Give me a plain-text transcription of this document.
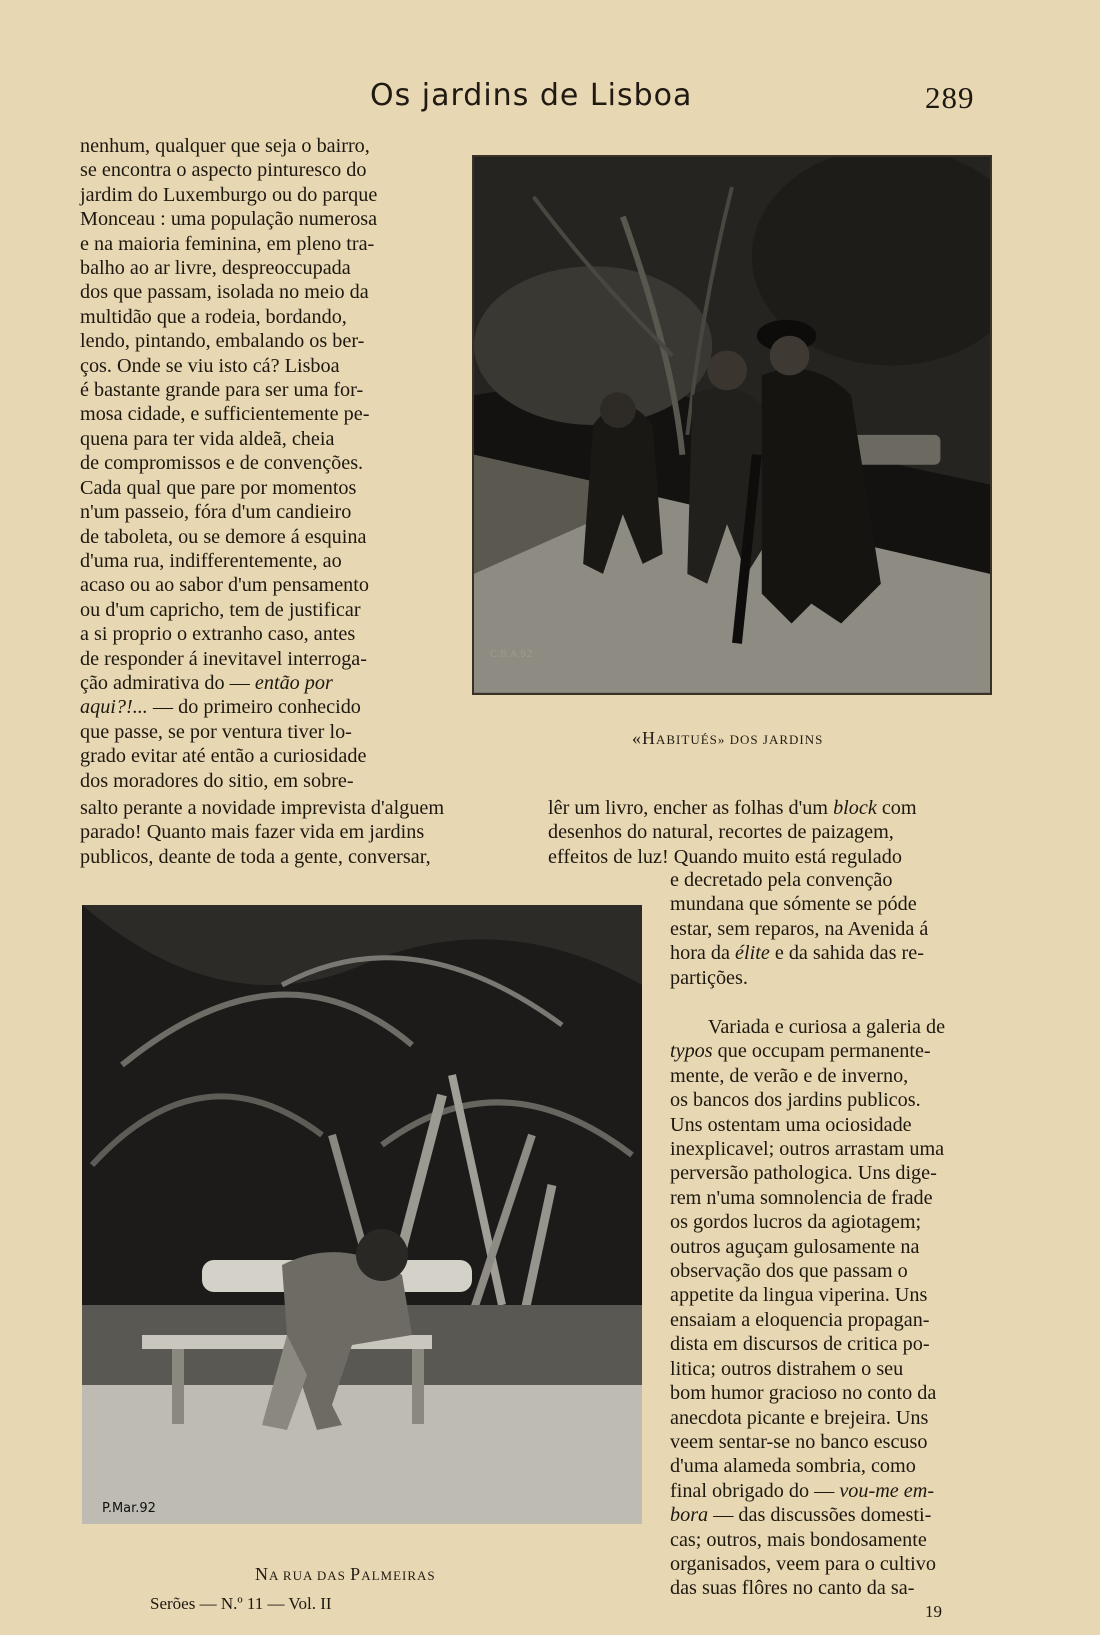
Os jardins de Lisboa	289

nenhum, qualquer que seja o bairro,

se encontra o aspecto pinturesco do

jardim do Luxemburgo ou do parque

Monceau : uma população numerosa

e na maioria feminina, em pleno tra-

balho ao ar livre, despreoccupada

dos que passam, isolada no meio da

multidão que a rodeia, bordando,

lendo, pintando, embalando os ber-

ços. Onde se viu isto cá? Lisboa

é bastante grande para ser uma for-

mosa cidade, e sufficientemente pe-

quena para ter vida aldeã, cheia

de compromissos e de convenções.

Cada qual que pare por momentos

n'um passeio, fóra d'um candieiro

de taboleta, ou se demore á esquina

d'uma rua, indifferentemente, ao

acaso ou ao sabor d'um pensamento

ou d'um capricho, tem de justificar

a si proprio o extranho caso, antes

de responder á inevitavel interroga-

ção admirativa do — então por

aqui?!... — do primeiro conhecido

que passe, se por ventura tiver lo-

grado evitar até então a curiosidade

dos moradores do sitio, em sobre-

C.B.A.92
«HABITUÉS» DOS JARDINS

salto perante a novidade imprevista d'alguem

parado! Quanto mais fazer vida em jardins

publicos, deante de toda a gente, conversar,

lêr um livro, encher as folhas d'um block com

desenhos do natural, recortes de paizagem,

effeitos de luz! Quando muito está regulado

P.Mar.92
NA RUA DAS PALMEIRAS

e decretado pela convenção

mundana que sómente se póde

estar, sem reparos, na Avenida á

hora da élite e da sahida das re-

partições.

Variada e curiosa a galeria de

typos que occupam permanente-

mente, de verão e de inverno,

os bancos dos jardins publicos.

Uns ostentam uma ociosidade

inexplicavel; outros arrastam uma

perversão pathologica. Uns dige-

rem n'uma somnolencia de frade

os gordos lucros da agiotagem;

outros aguçam gulosamente na

observação dos que passam o

appetite da lingua viperina. Uns

ensaiam a eloquencia propagan-

dista em discursos de critica po-

litica; outros distrahem o seu

bom humor gracioso no conto da

anecdota picante e brejeira. Uns

veem sentar-se no banco escuso

d'uma alameda sombria, como

final obrigado do — vou-me em-

bora — das discussões domesti-

cas; outros, mais bondosamente

organisados, veem para o cultivo

das suas flôres no canto da sa-

Serões — N.º 11 — Vol. II	19
